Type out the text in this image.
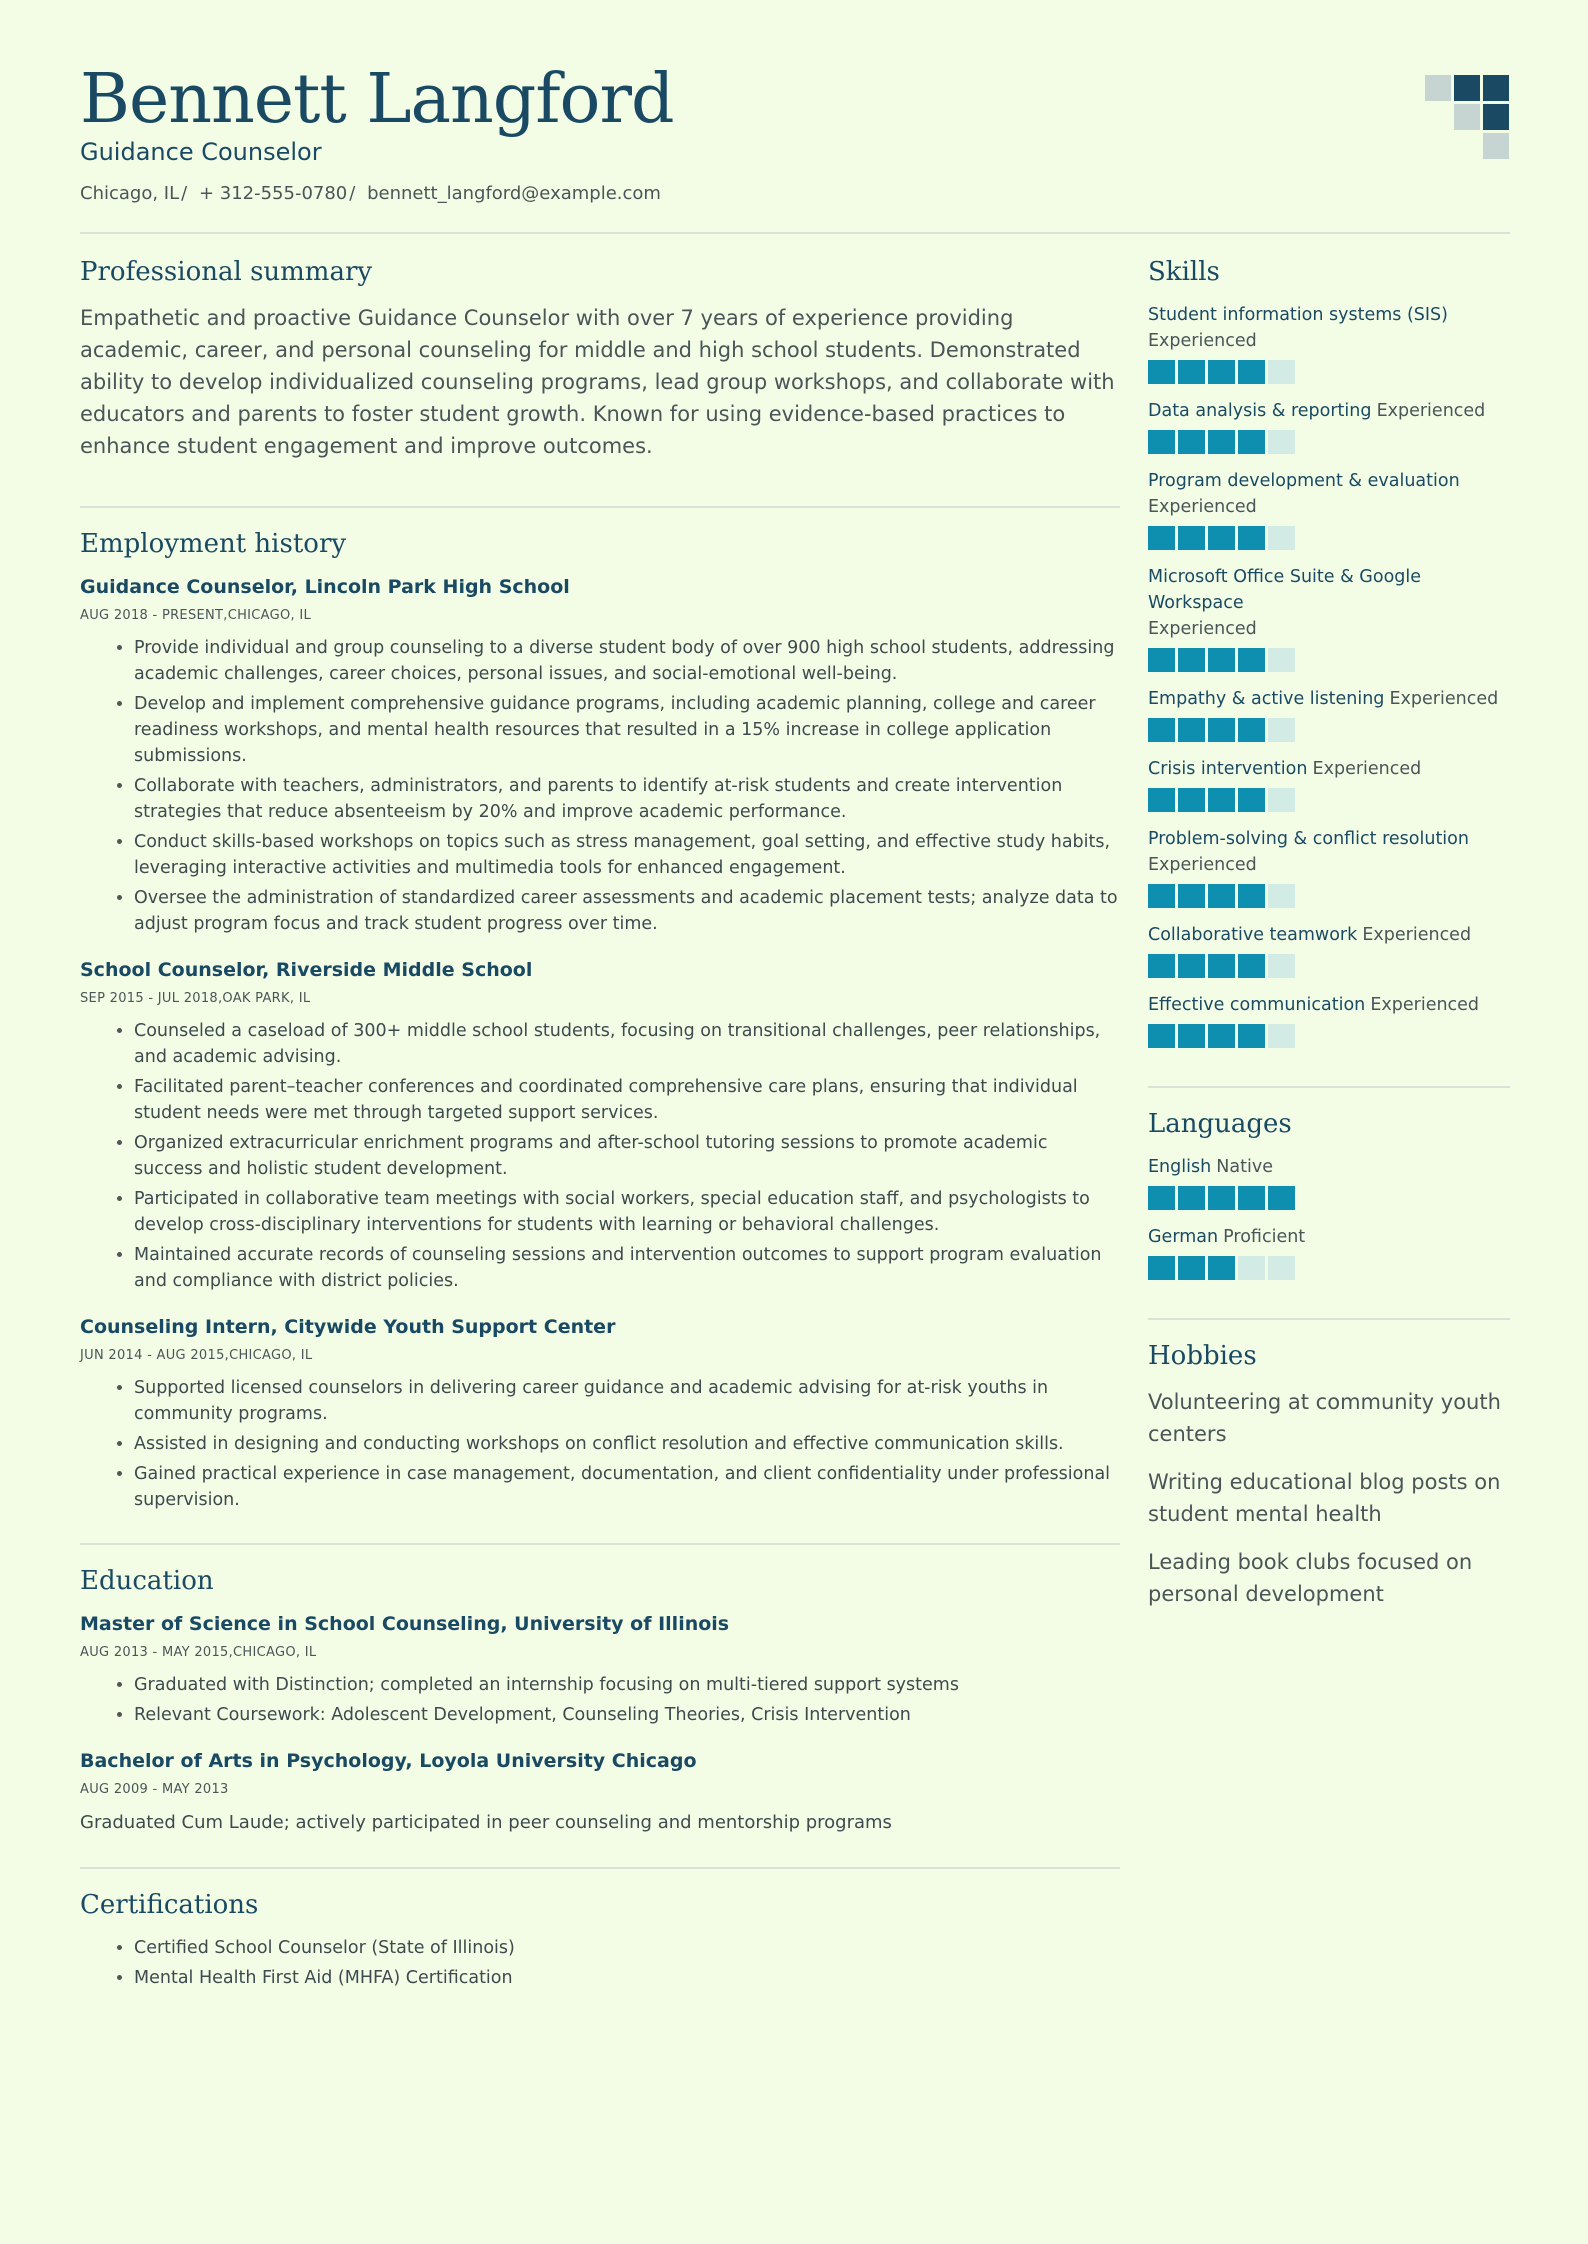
Bennett Langford
Guidance Counselor
Chicago, IL / + 312-555-0780 / bennett_langford@example.com
Professional summary

Empathetic and proactive Guidance Counselor with over 7 years of experience providing academic, career, and personal counseling for middle and high school students. Demonstrated ability to develop individualized counseling programs, lead group workshops, and collaborate with educators and parents to foster student growth. Known for using evidence-based practices to enhance student engagement and improve outcomes.

Employment history
Guidance Counselor, Lincoln Park High School
AUG 2018 - PRESENT,CHICAGO, IL
• Provide individual and group counseling to a diverse student body of over 900 high school students, addressing academic challenges, career choices, personal issues, and social-emotional well-being.
• Develop and implement comprehensive guidance programs, including academic planning, college and career readiness workshops, and mental health resources that resulted in a 15% increase in college application submissions.
• Collaborate with teachers, administrators, and parents to identify at-risk students and create intervention strategies that reduce absenteeism by 20% and improve academic performance.
• Conduct skills-based workshops on topics such as stress management, goal setting, and effective study habits, leveraging interactive activities and multimedia tools for enhanced engagement.
• Oversee the administration of standardized career assessments and academic placement tests; analyze data to adjust program focus and track student progress over time.
School Counselor, Riverside Middle School
SEP 2015 - JUL 2018,OAK PARK, IL
• Counseled a caseload of 300+ middle school students, focusing on transitional challenges, peer relationships, and academic advising.
• Facilitated parent–teacher conferences and coordinated comprehensive care plans, ensuring that individual student needs were met through targeted support services.
• Organized extracurricular enrichment programs and after-school tutoring sessions to promote academic success and holistic student development.
• Participated in collaborative team meetings with social workers, special education staff, and psychologists to develop cross-disciplinary interventions for students with learning or behavioral challenges.
• Maintained accurate records of counseling sessions and intervention outcomes to support program evaluation and compliance with district policies.
Counseling Intern, Citywide Youth Support Center
JUN 2014 - AUG 2015,CHICAGO, IL
• Supported licensed counselors in delivering career guidance and academic advising for at-risk youths in community programs.
• Assisted in designing and conducting workshops on conflict resolution and effective communication skills.
• Gained practical experience in case management, documentation, and client confidentiality under professional supervision.
Education
Master of Science in School Counseling, University of Illinois
AUG 2013 - MAY 2015,CHICAGO, IL
• Graduated with Distinction; completed an internship focusing on multi-tiered support systems
• Relevant Coursework: Adolescent Development, Counseling Theories, Crisis Intervention
Bachelor of Arts in Psychology, Loyola University Chicago
AUG 2009 - MAY 2013

Graduated Cum Laude; actively participated in peer counseling and mentorship programs

Certifications
• Certified School Counselor (State of Illinois)
• Mental Health First Aid (MHFA) Certification
Skills
Student information systems (SIS)
Experienced
Data analysis & reporting Experienced
Program development & evaluation
Experienced
Microsoft Office Suite & Google Workspace
Experienced
Empathy & active listening Experienced
Crisis intervention Experienced
Problem-solving & conflict resolution
Experienced
Collaborative teamwork Experienced
Effective communication Experienced
Languages
English Native
German Proficient
Hobbies

Volunteering at community youth centers

Writing educational blog posts on student mental health

Leading book clubs focused on personal development
